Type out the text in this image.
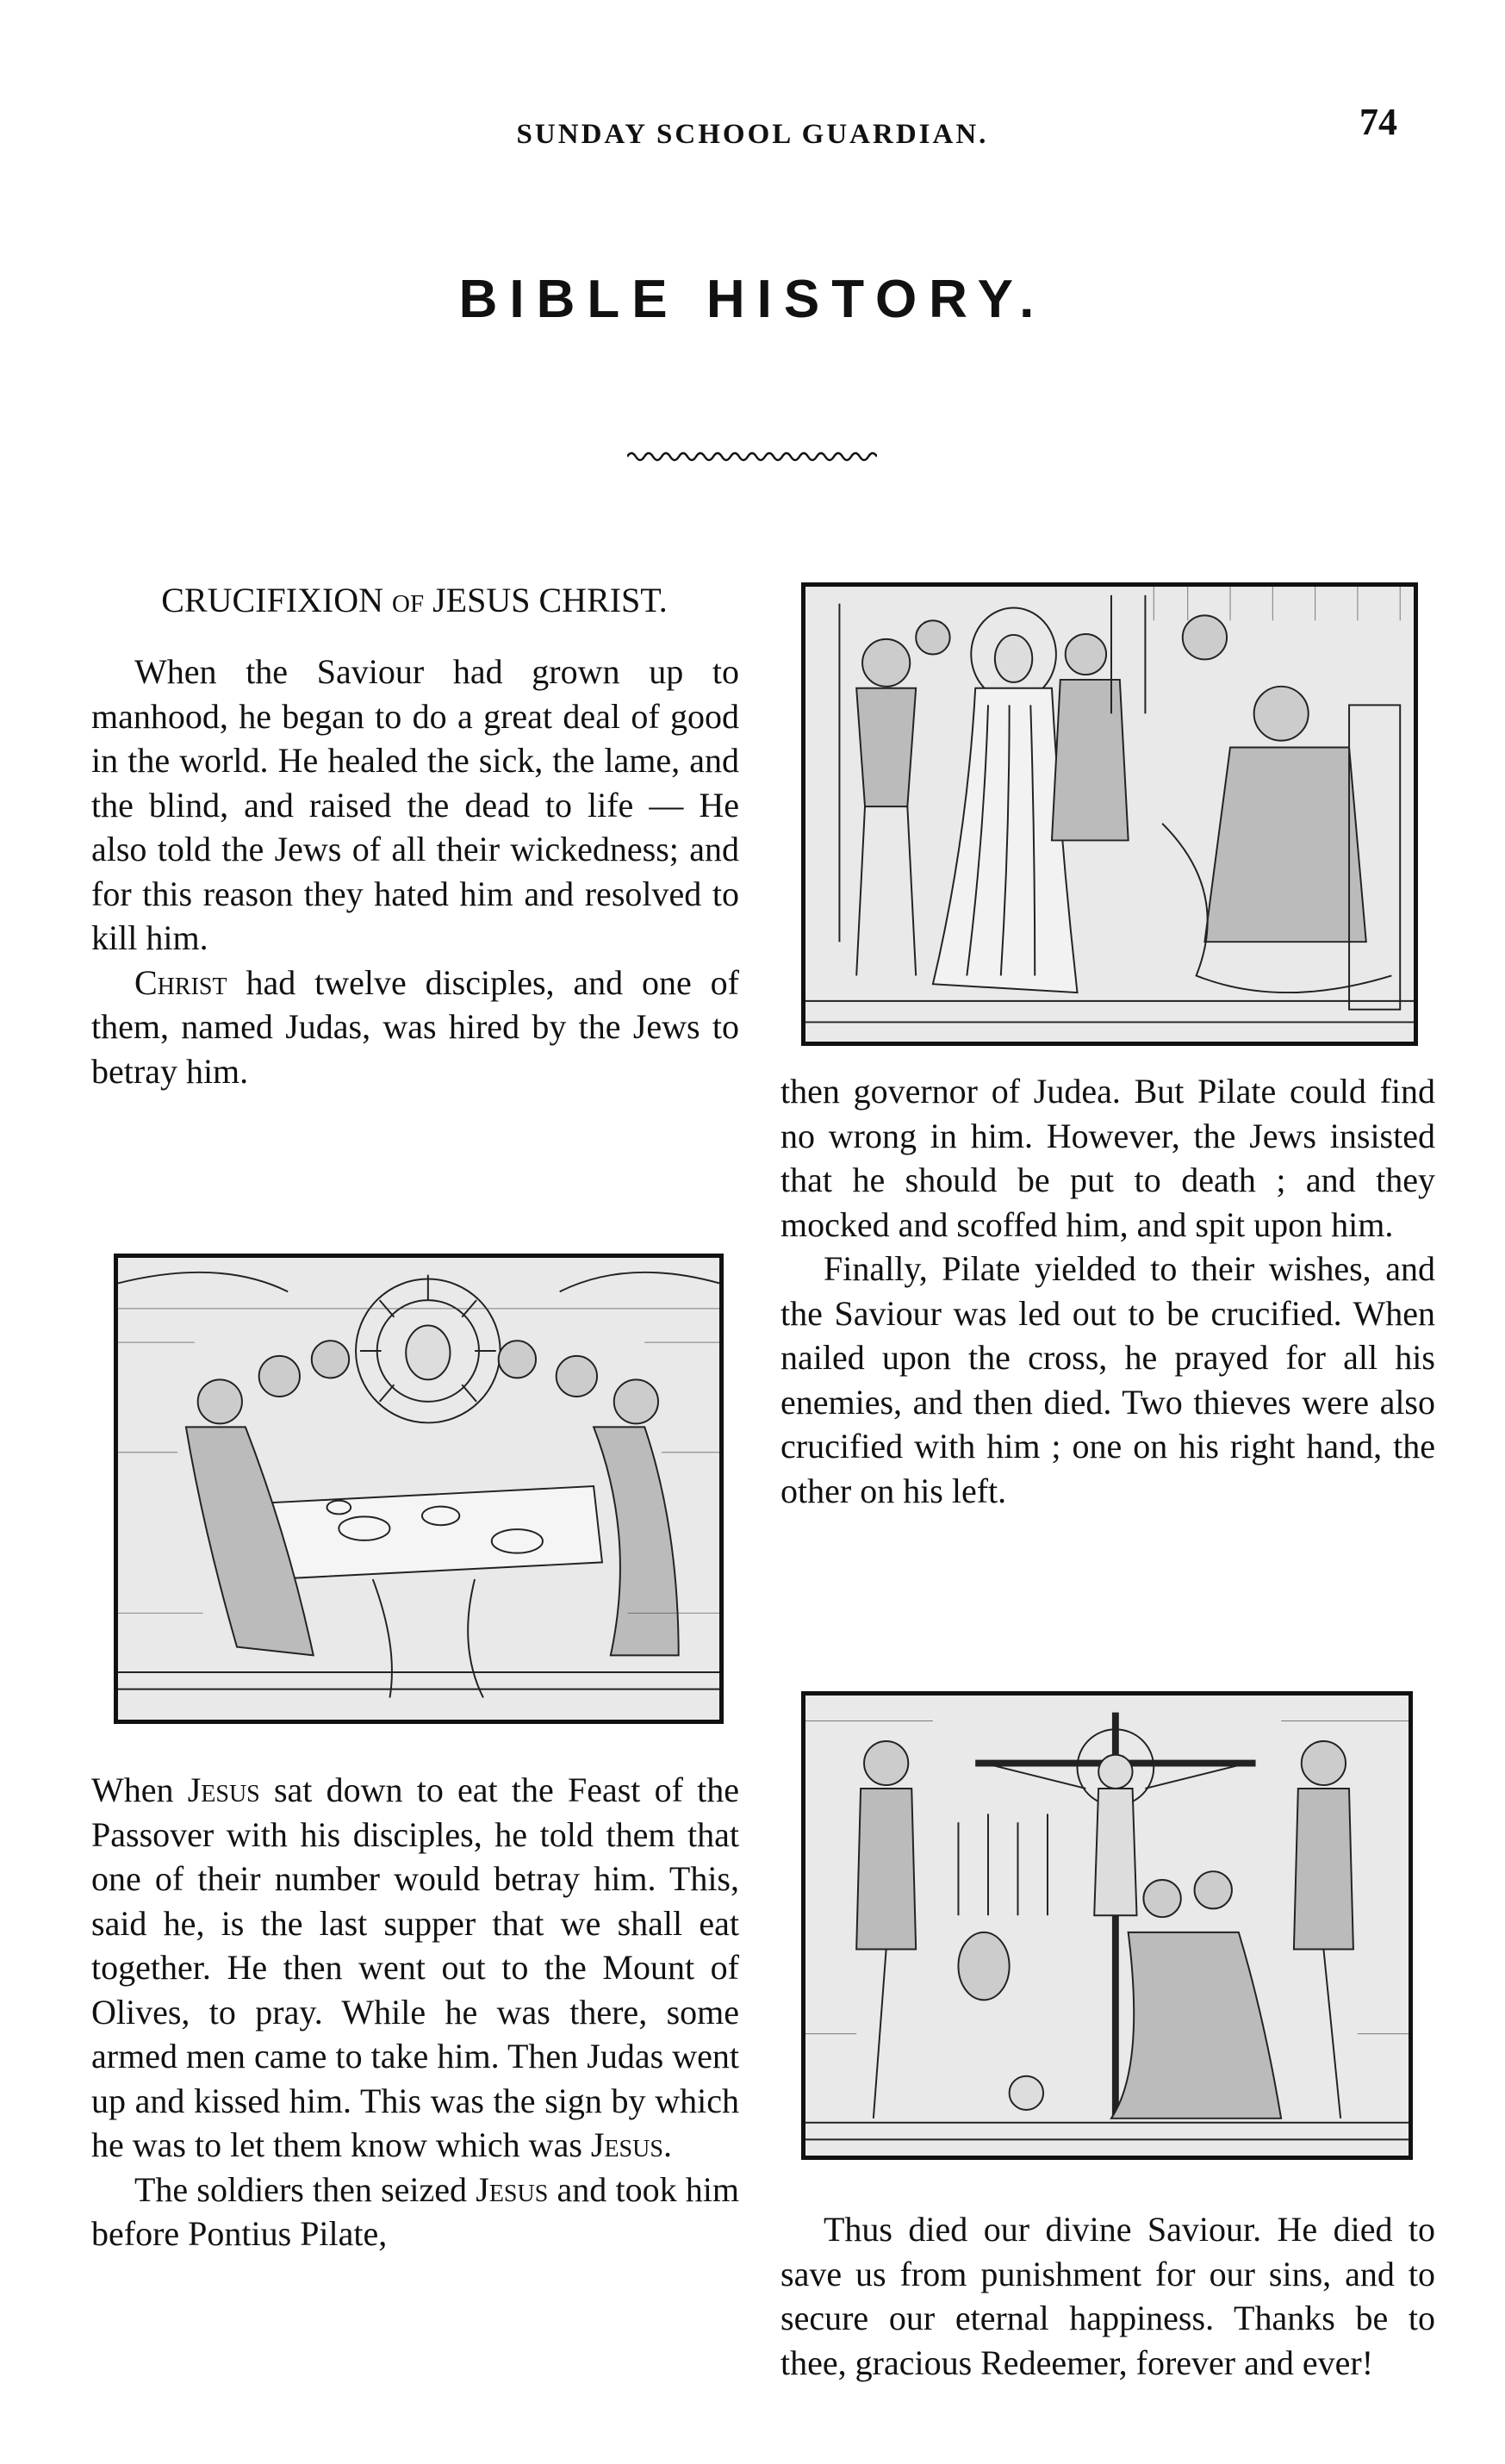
SUNDAY SCHOOL GUARDIAN.	74
BIBLE HISTORY.
CRUCIFIXION OF JESUS CHRIST.

When the Saviour had grown up to manhood, he began to do a great deal of good in the world. He healed the sick, the lame, and the blind, and raised the dead to life — He also told the Jews of all their wickedness; and for this reason they hated him and resolved to kill him.

Christ had twelve disciples, and one of them, named Judas, was hired by the Jews to betray him.

When Jesus sat down to eat the Feast of the Passover with his disciples, he told them that one of their number would betray him. This, said he, is the last supper that we shall eat together. He then went out to the Mount of Olives, to pray. While he was there, some armed men came to take him. Then Judas went up and kissed him. This was the sign by which he was to let them know which was Jesus.

The soldiers then seized Jesus and took him before Pontius Pilate,

then governor of Judea. But Pilate could find no wrong in him. However, the Jews insisted that he should be put to death ; and they mocked and scoffed him, and spit upon him.

Finally, Pilate yielded to their wishes, and the Saviour was led out to be crucified. When nailed upon the cross, he prayed for all his enemies, and then died. Two thieves were also crucified with him ; one on his right hand, the other on his left.

Thus died our divine Saviour. He died to save us from punishment for our sins, and to secure our eternal happiness. Thanks be to thee, gracious Redeemer, forever and ever!
